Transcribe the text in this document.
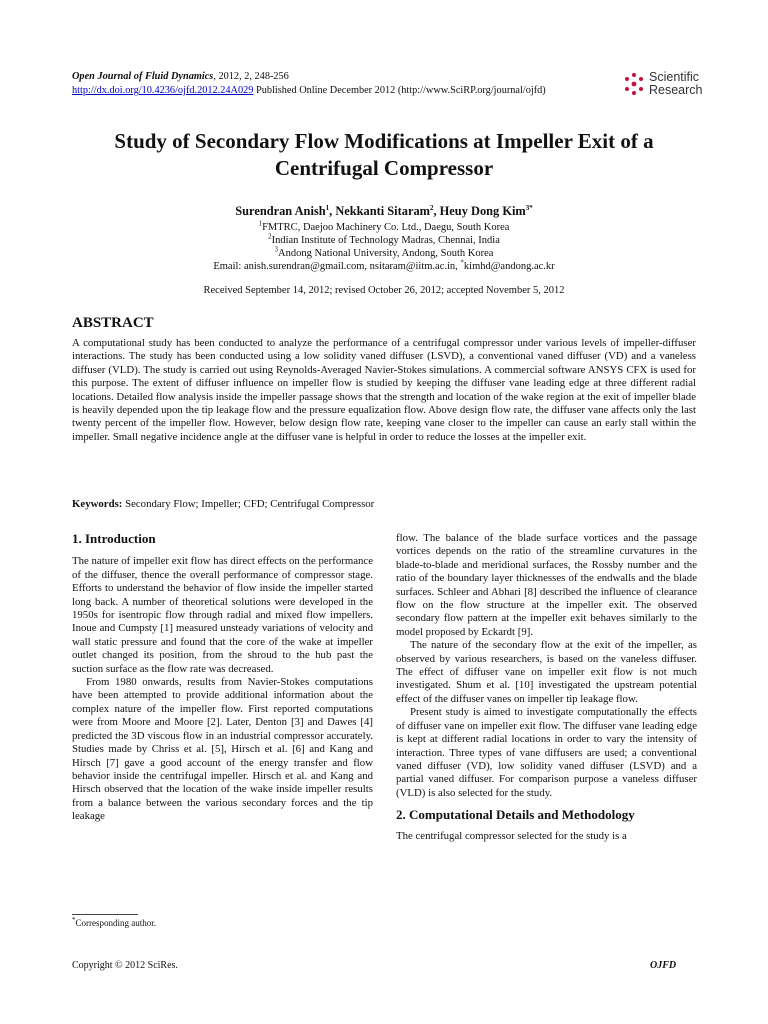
Open Journal of Fluid Dynamics, 2012, 2, 248-256
http://dx.doi.org/10.4236/ojfd.2012.24A029 Published Online December 2012 (http://www.SciRP.org/journal/ojfd)
Scientific
Research
Study of Secondary Flow Modifications at Impeller Exit of a Centrifugal Compressor
Surendran Anish$^1$, Nekkanti Sitaram$^2$, Heuy Dong Kim$^{3*}$
$^1$FMTRC, Daejoo Machinery Co. Ltd., Daegu, South Korea
$^2$Indian Institute of Technology Madras, Chennai, India
$^3$Andong National University, Andong, South Korea
Email: anish.surendran@gmail.com, nsitaram@iitm.ac.in, *kimhd@andong.ac.kr
Received September 14, 2012; revised October 26, 2012; accepted November 5, 2012
ABSTRACT
A computational study has been conducted to analyze the performance of a centrifugal compressor under various levels of impeller-diffuser interactions. The study has been conducted using a low solidity vaned diffuser (LSVD), a conventional vaned diffuser (VD) and a vaneless diffuser (VLD). The study is carried out using Reynolds-Averaged Navier-Stokes simulations. A commercial software ANSYS CFX is used for this purpose. The extent of diffuser influence on impeller flow is studied by keeping the diffuser vane leading edge at three different radial locations. Detailed flow analysis inside the impeller passage shows that the strength and location of the wake region at the exit of impeller blade is heavily depended upon the tip leakage flow and the pressure equalization flow. Above design flow rate, the diffuser vane affects only the last twenty percent of the impeller flow. However, below design flow rate, keeping vane closer to the impeller can cause an early stall within the impeller. Small negative incidence angle at the diffuser vane is helpful in order to reduce the losses at the impeller exit.
Keywords: Secondary Flow; Impeller; CFD; Centrifugal Compressor
1. Introduction

The nature of impeller exit flow has direct effects on the performance of the diffuser, thence the overall performance of compressor stage. Efforts to understand the behavior of flow inside the impeller started long back. A number of theoretical solutions were developed in the 1950s for isentropic flow through radial and mixed flow impellers. Inoue and Cumpsty [1] measured unsteady variations of velocity and wall static pressure and found that the core of the wake at impeller outlet changed its position, from the shroud to the hub past the suction surface as the flow rate was decreased.

From 1980 onwards, results from Navier-Stokes computations have been attempted to provide additional information about the complex nature of the impeller flow. First reported computations were from Moore and Moore [2]. Later, Denton [3] and Dawes [4] predicted the 3D viscous flow in an industrial compressor accurately. Studies made by Chriss et al. [5], Hirsch et al. [6] and Kang and Hirsch [7] gave a good account of the energy transfer and flow behavior inside the centrifugal impeller. Hirsch et al. and Kang and Hirsch observed that the location of the wake inside impeller results from a balance between the various secondary forces and the tip leakage

flow. The balance of the blade surface vortices and the passage vortices depends on the ratio of the streamline curvatures in the blade-to-blade and meridional surfaces, the Rossby number and the ratio of the boundary layer thicknesses of the endwalls and the blade surfaces. Schleer and Abhari [8] described the influence of clearance flow on the flow structure at the impeller exit. The observed secondary flow pattern at the impeller exit behaves similarly to the model proposed by Eckardt [9].

The nature of the secondary flow at the exit of the impeller, as observed by various researchers, is based on the vaneless diffuser. The effect of diffuser vane on impeller exit flow is not much investigated. Shum et al. [10] investigated the upstream potential effect of the diffuser vanes on impeller tip leakage flow.

Present study is aimed to investigate computationally the effects of diffuser vane on impeller exit flow. The diffuser vane leading edge is kept at different radial locations in order to vary the intensity of interaction. Three types of vane diffusers are used; a conventional vaned diffuser (VD), low solidity vaned diffuser (LSVD) and a partial vaned diffuser. For comparison purpose a vaneless diffuser (VLD) is also selected for the study.

2. Computational Details and Methodology

The centrifugal compressor selected for the study is a

*Corresponding author.
Copyright © 2012 SciRes.	OJFD
